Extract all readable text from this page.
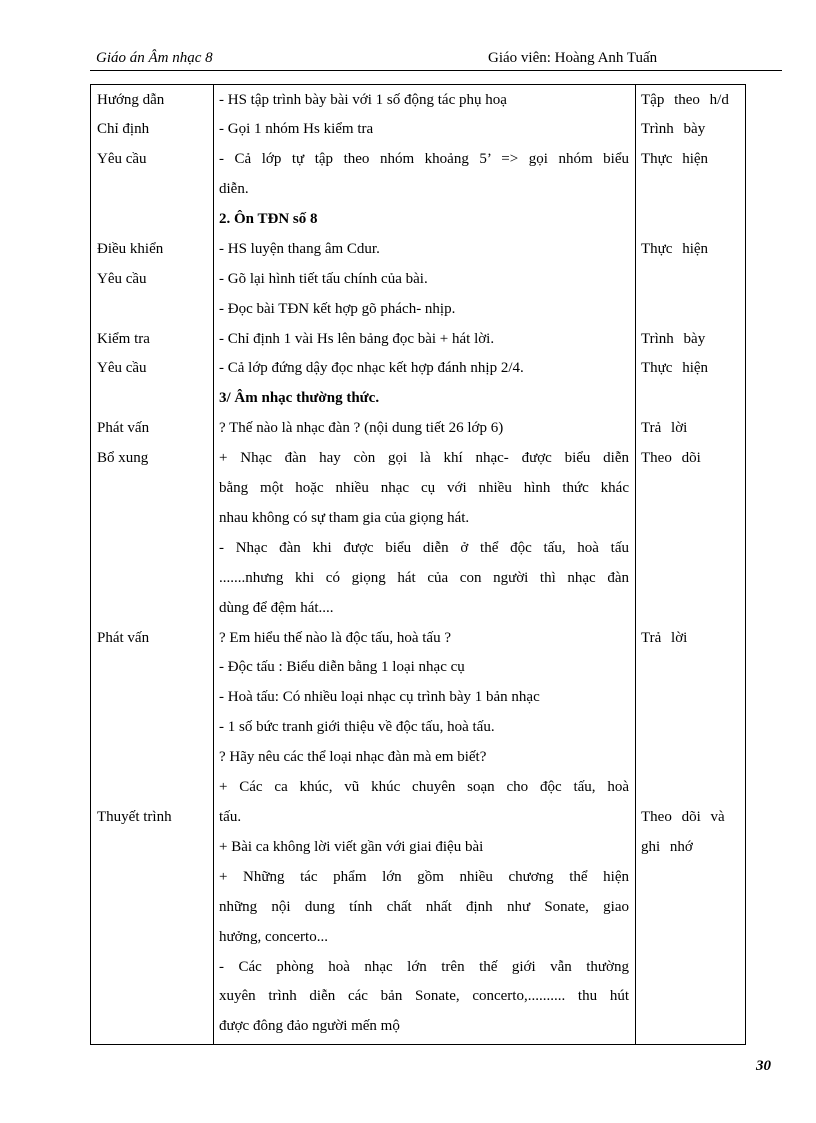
Giáo án Âm nhạc 8	Giáo viên: Hoàng Anh Tuấn
Hướng dẫn
Chỉ định
Yêu cầu
Điều khiển
Yêu cầu
Kiểm tra
Yêu cầu
Phát vấn
Bổ xung
Phát vấn
Thuyết trình
- HS tập trình bày bài với 1 số động tác phụ hoạ
- Gọi 1 nhóm Hs kiểm tra
- Cả lớp tự tập theo nhóm khoảng 5’ => gọi nhóm biểu
diễn.
2. Ôn TĐN số 8
- HS luyện thang âm Cdur.
- Gõ lại hình tiết tấu chính của bài.
- Đọc bài TĐN kết hợp gõ phách- nhịp.
- Chỉ định 1 vài Hs lên bảng đọc bài + hát lời.
- Cả lớp đứng dậy đọc nhạc kết hợp đánh nhịp 2/4.
3/ Âm nhạc thường thức.
? Thế nào là nhạc đàn ? (nội dung tiết 26 lớp 6)
+ Nhạc đàn hay còn gọi là khí nhạc- được biểu diễn
bằng một hoặc nhiều nhạc cụ với nhiều hình thức khác
nhau không có sự tham gia của giọng hát.
- Nhạc đàn khi được biểu diễn ở thể độc tấu, hoà tấu
.......nhưng khi có giọng hát của con người thì nhạc đàn
dùng để đệm hát....
? Em hiểu thế nào là độc tấu, hoà tấu ?
- Độc tấu : Biểu diễn bằng 1 loại nhạc cụ
- Hoà tấu: Có nhiều loại nhạc cụ trình bày 1 bản nhạc
- 1 số bức tranh giới thiệu về độc tấu, hoà tấu.
? Hãy nêu các thể loại nhạc đàn mà em biết?
+ Các ca khúc, vũ khúc chuyên soạn cho độc tấu, hoà
tấu.
+ Bài ca không lời viết gần với giai điệu bài
+ Những tác phẩm lớn gồm nhiều chương thể hiện
những nội dung tính chất nhất định như Sonate, giao
hưởng, concerto...
- Các phòng hoà nhạc lớn trên thế giới vẫn thường
xuyên trình diễn các bản Sonate, concerto,.......... thu hút
được đông đảo người mến mộ
Tập theo h/d
Trình bày
Thực hiện
Thực hiện
Trình bày
Thực hiện
Trả lời
Theo dõi
Trả lời
Theo dõi và
ghi nhớ
30
